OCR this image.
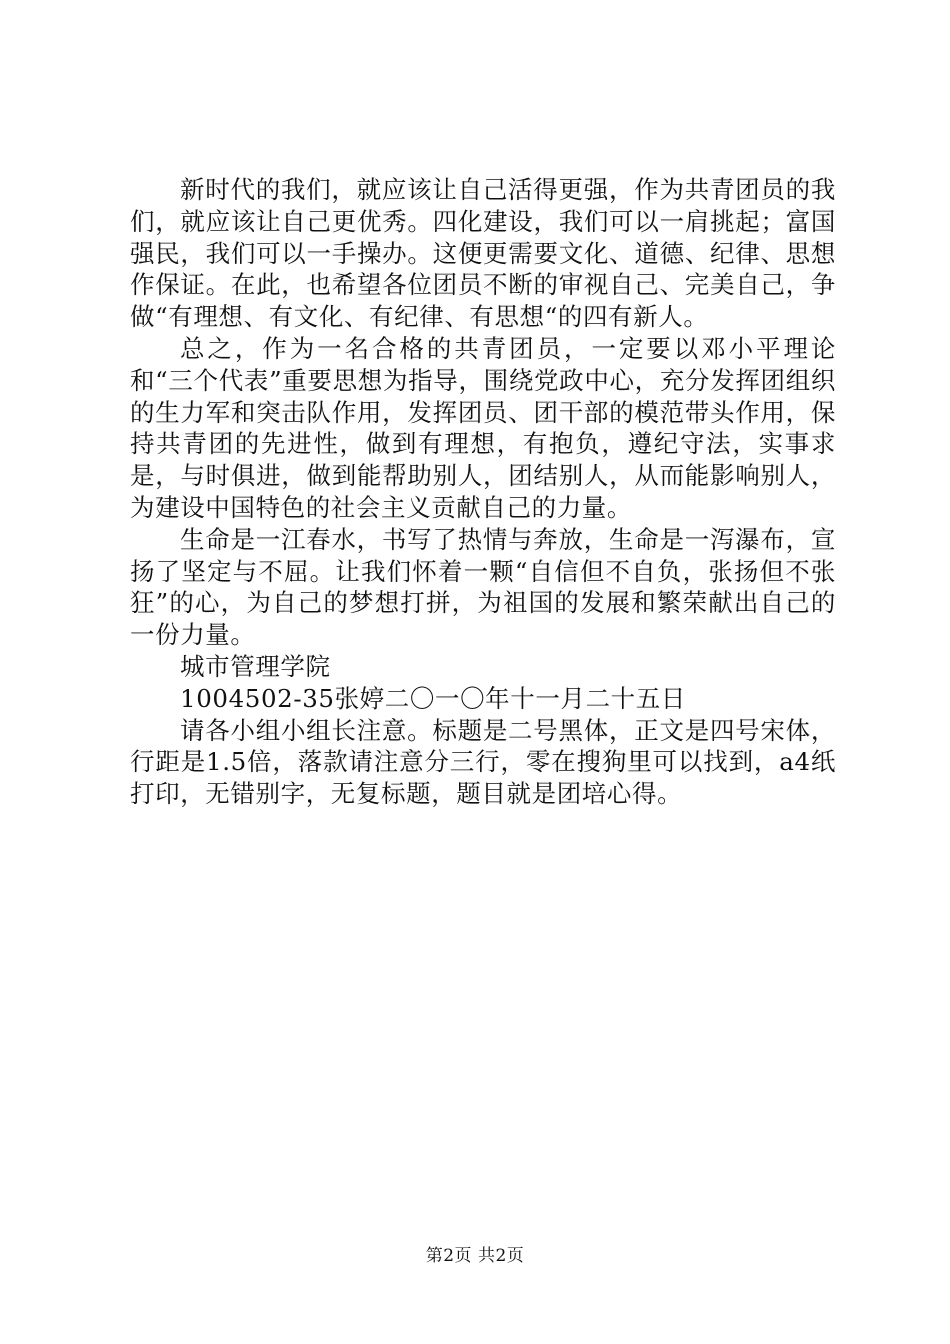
新时代的我们，就应该让自己活得更强，作为共青团员的我们，就应该让自己更优秀。四化建设，我们可以一肩挑起；富国强民，我们可以一手操办。这便更需要文化、道德、纪律、思想作保证。在此，也希望各位团员不断的审视自己、完美自己，争做“有理想、有文化、有纪律、有思想“的四有新人。

总之，作为一名合格的共青团员，一定要以邓小平理论和“三个代表”重要思想为指导，围绕党政中心，充分发挥团组织的生力军和突击队作用，发挥团员、团干部的模范带头作用，保持共青团的先进性，做到有理想，有抱负，遵纪守法，实事求是，与时俱进，做到能帮助别人，团结别人，从而能影响别人，为建设中国特色的社会主义贡献自己的力量。

生命是一江春水，书写了热情与奔放，生命是一泻瀑布，宣扬了坚定与不屈。让我们怀着一颗“自信但不自负，张扬但不张狂”的心，为自己的梦想打拼，为祖国的发展和繁荣献出自己的一份力量。

城市管理学院

1004502-35张婷二〇一〇年十一月二十五日

请各小组小组长注意。标题是二号黑体，正文是四号宋体，行距是1.5倍，落款请注意分三行，零在搜狗里可以找到，a4纸打印，无错别字，无复标题，题目就是团培心得。

第2页 共2页
